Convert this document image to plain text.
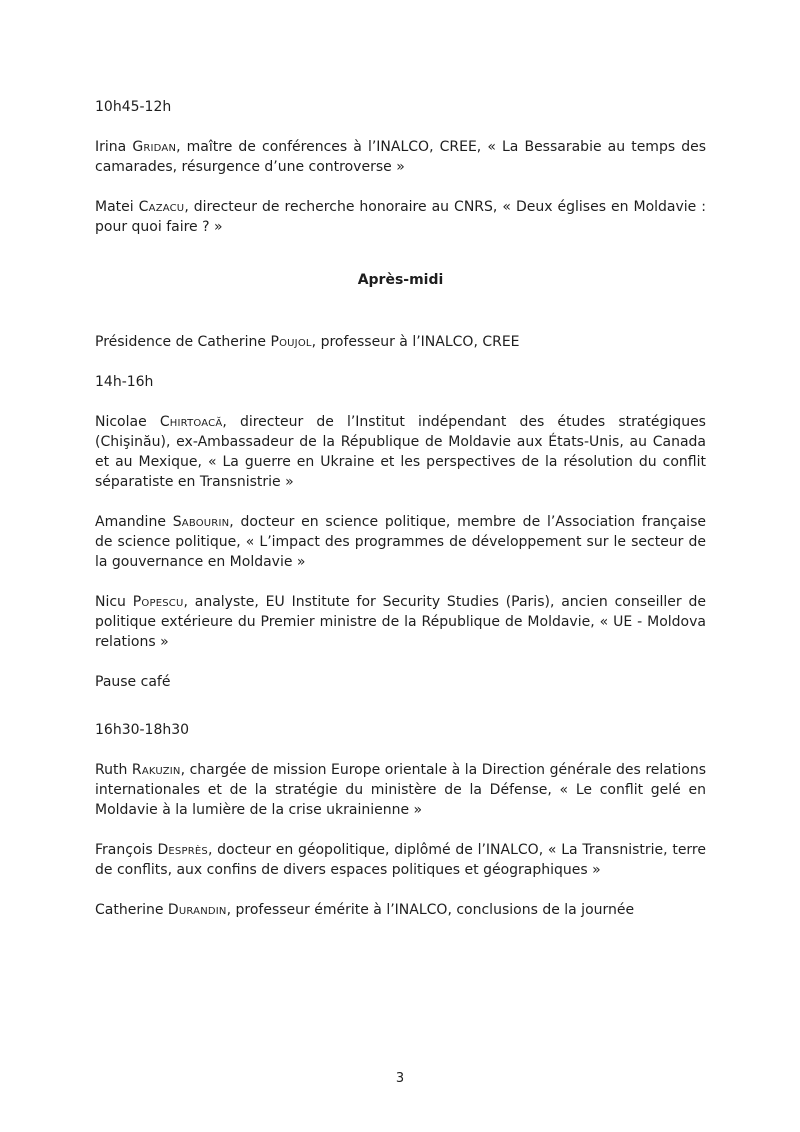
10h45-12h

Irina Gridan, maître de conférences à l’INALCO, CREE, « La Bessarabie au temps des camarades, résurgence d’une controverse »

Matei Cazacu, directeur de recherche honoraire au CNRS, « Deux églises en Moldavie : pour quoi faire ? »

Après-midi

Présidence de Catherine Poujol, professeur à l’INALCO, CREE

14h-16h

Nicolae Chirtoacă, directeur de l’Institut indépendant des études stratégiques (Chişinău), ex-Ambassadeur de la République de Moldavie aux États-Unis, au Canada et au Mexique, « La guerre en Ukraine et les perspectives de la résolution du conflit séparatiste en Transnistrie »

Amandine Sabourin, docteur en science politique, membre de l’Association française de science politique, « L’impact des programmes de développement sur le secteur de la gouvernance en Moldavie »

Nicu Popescu, analyste, EU Institute for Security Studies (Paris), ancien conseiller de politique extérieure du Premier ministre de la République de Moldavie, « UE - Moldova relations »

Pause café

16h30-18h30

Ruth Rakuzin, chargée de mission Europe orientale à la Direction générale des relations internationales et de la stratégie du ministère de la Défense, « Le conflit gelé en Moldavie à la lumière de la crise ukrainienne »

François Desprès, docteur en géopolitique, diplômé de l’INALCO, « La Transnistrie, terre de conflits, aux confins de divers espaces politiques et géographiques »

Catherine Durandin, professeur émérite à l’INALCO, conclusions de la journée

3
